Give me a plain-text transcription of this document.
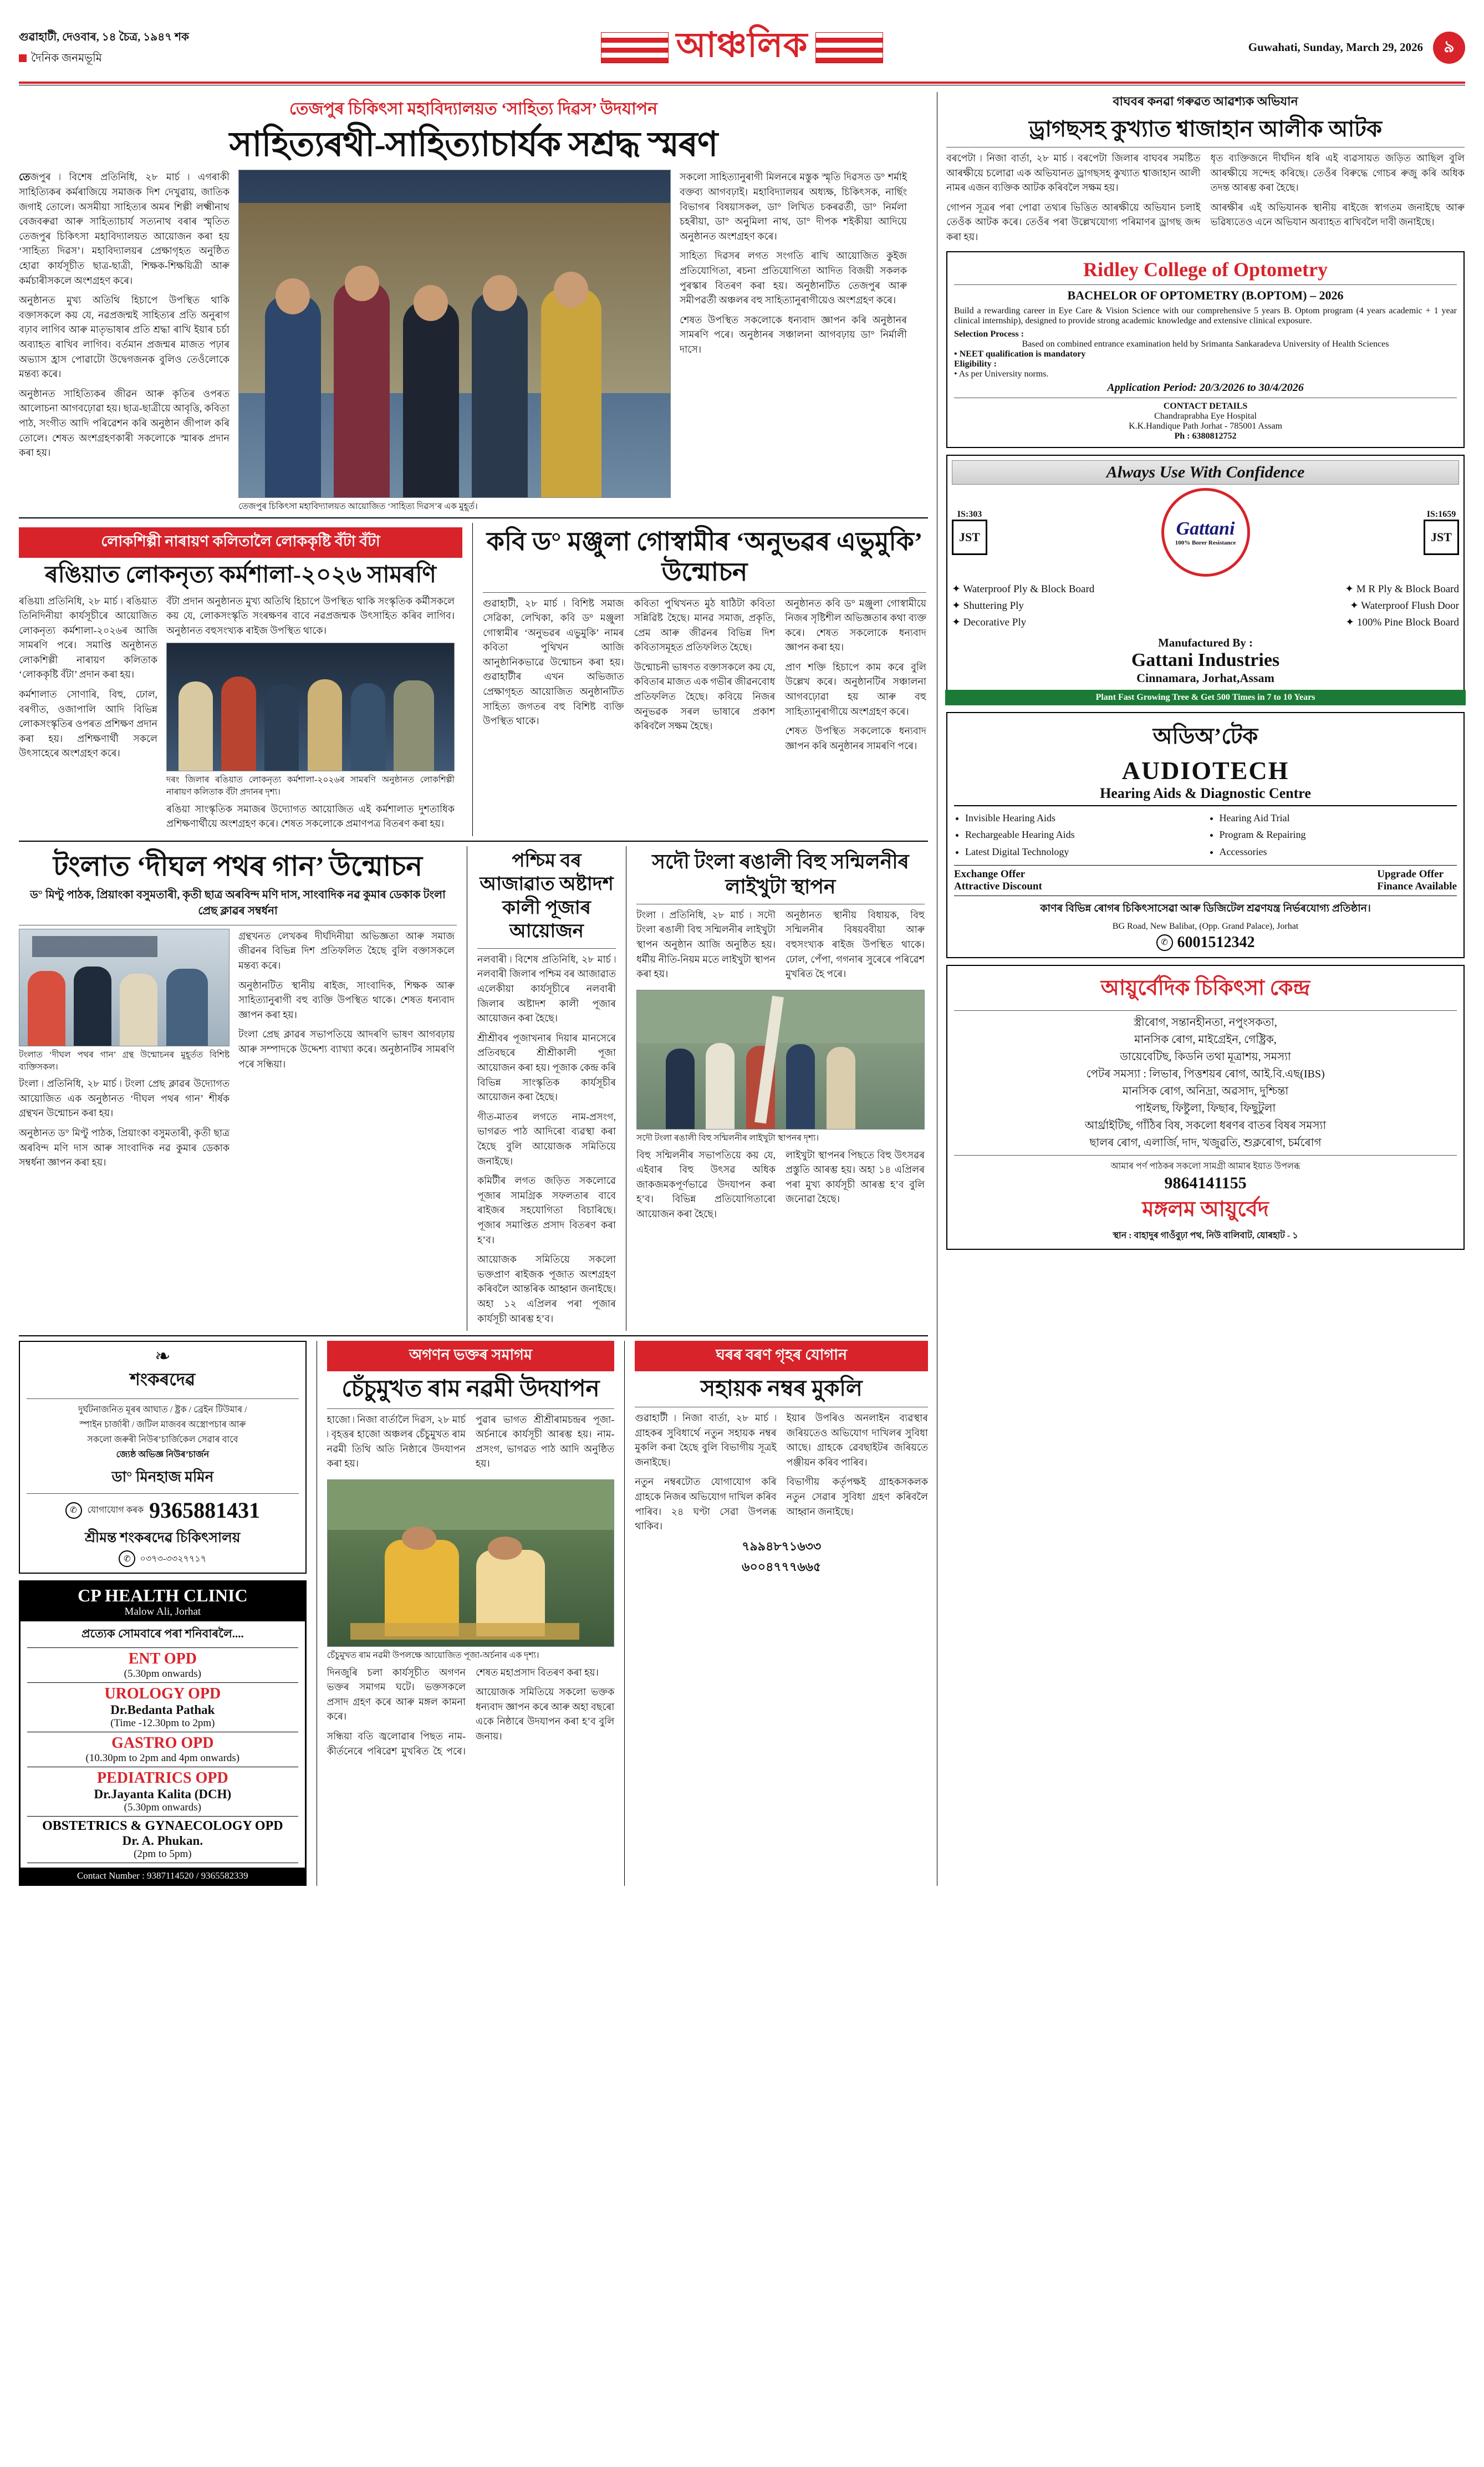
গুৱাহাটী, দেওবাৰ, ১৪ চৈত্ৰ, ১৯৪৭ শক
দৈনিক জনমভূমি	আঞ্চলিক	Guwahati, Sunday, March 29, 2026	৯
তেজপুৰ চিকিৎসা মহাবিদ্যালয়ত ‘সাহিত্য দিৱস’ উদযাপন
সাহিত্যৰথী-সাহিত্যাচার্যক সশ্ৰদ্ধ স্মৰণ

তেজপুৰ ৷ বিশেষ প্ৰতিনিধি, ২৮ মাৰ্চ ৷ এগৰাকী সাহিত্যিকৰ কৰ্মৰাজিয়ে সমাজক দিশ দেখুৱায়, জাতিক জগাই তোলে। অসমীয়া সাহিত্যৰ অমৰ শিল্পী লক্ষ্মীনাথ বেজবৰুৱা আৰু সাহিত্যাচাৰ্য সত্যনাথ বৰাৰ স্মৃতিত তেজপুৰ চিকিৎসা মহাবিদ্যালয়ত আয়োজন কৰা হয় ‘সাহিত্য দিৱস’। মহাবিদ্যালয়ৰ প্ৰেক্ষাগৃহত অনুষ্ঠিত হোৱা কাৰ্যসূচীত ছাত্ৰ-ছাত্ৰী, শিক্ষক-শিক্ষয়িত্ৰী আৰু কৰ্মচাৰীসকলে অংশগ্ৰহণ কৰে।

অনুষ্ঠানত মুখ্য অতিথি হিচাপে উপস্থিত থাকি বক্তাসকলে কয় যে, নৱপ্ৰজন্মই সাহিত্যৰ প্ৰতি অনুৰাগ বঢ়াব লাগিব আৰু মাতৃভাষাৰ প্ৰতি শ্ৰদ্ধা ৰাখি ইয়াৰ চৰ্চা অব্যাহত ৰাখিব লাগিব। বৰ্তমান প্ৰজন্মৰ মাজত পঢ়াৰ অভ্যাস হ্ৰাস পোৱাটো উদ্বেগজনক বুলিও তেওঁলোকে মন্তব্য কৰে।

অনুষ্ঠানত সাহিত্যিকৰ জীৱন আৰু কৃতিৰ ওপৰত আলোচনা আগবঢ়োৱা হয়। ছাত্ৰ-ছাত্ৰীয়ে আবৃত্তি, কবিতা পাঠ, সংগীত আদি পৰিৱেশন কৰি অনুষ্ঠান জীপাল কৰি তোলে। শেষত অংশগ্ৰহণকাৰী সকলোকে স্মাৰক প্ৰদান কৰা হয়।

তেজপুৰ চিকিৎসা মহাবিদ্যালয়ত আয়োজিত ‘সাহিত্য দিৱস’ৰ এক মুহূৰ্ত।

সকলো সাহিত্যানুৰাগী মিলনৰে মস্তুক স্মৃতি দিৱসত ড° শৰ্মাই বক্তব্য আগবঢ়াই। মহাবিদ্যালয়ৰ অধ্যক্ষ, চিকিৎসক, নাৰ্ছিং বিভাগৰ বিষয়াসকল, ডা° লিখিত চকৰৱৰ্তী, ডা° নিৰ্মলা চহৰীয়া, ডা° অনুমিলা নাথ, ডা° দীপক শইকীয়া আদিয়ে অনুষ্ঠানত অংশগ্ৰহণ কৰে।

সাহিত্য দিৱসৰ লগত সংগতি ৰাখি আয়োজিত কুইজ প্ৰতিযোগিতা, ৰচনা প্ৰতিযোগিতা আদিত বিজয়ী সকলক পুৰস্কাৰ বিতৰণ কৰা হয়। অনুষ্ঠানটিত তেজপুৰ আৰু সমীপৱৰ্তী অঞ্চলৰ বহু সাহিত্যানুৰাগীয়েও অংশগ্ৰহণ কৰে।

শেষত উপস্থিত সকলোকে ধন্যবাদ জ্ঞাপন কৰি অনুষ্ঠানৰ সামৰণি পৰে। অনুষ্ঠানৰ সঞ্চালনা আগবঢ়ায় ডা° নিৰ্মালী দাসে।

লোকশিল্পী নাৰায়ণ কলিতালৈ লোককৃষ্টি বঁটা বঁটা
ৰঙিয়াত লোকনৃত্য কৰ্মশালা-২০২৬ সামৰণি

ৰঙিয়া৷ প্ৰতিনিধি, ২৮ মাৰ্চ ৷ ৰঙিয়াত তিনিদিনীয়া কাৰ্যসূচীৰে আয়োজিত লোকনৃত্য কৰ্মশালা-২০২৬ৰ আজি সামৰণি পৰে। সমাপ্তি অনুষ্ঠানত লোকশিল্পী নাৰায়ণ কলিতাক ‘লোককৃষ্টি বঁটা’ প্ৰদান কৰা হয়।

কৰ্মশালাত সোণাৰি, বিহু, ঢোল, বৰগীত, ওজাপালি আদি বিভিন্ন লোকসংস্কৃতিৰ ওপৰত প্ৰশিক্ষণ প্ৰদান কৰা হয়। প্ৰশিক্ষণাৰ্থী সকলে উৎসাহেৰে অংশগ্ৰহণ কৰে।

বঁটা প্ৰদান অনুষ্ঠানত মুখ্য অতিথি হিচাপে উপস্থিত থাকি সংস্কৃতিক কৰ্মীসকলে কয় যে, লোকসংস্কৃতি সংৰক্ষণৰ বাবে নৱপ্ৰজন্মক উৎসাহিত কৰিব লাগিব। অনুষ্ঠানত বহুসংখ্যক ৰাইজ উপস্থিত থাকে।

দৰং জিলাৰ ৰঙিয়াত লোকনৃত্য কৰ্মশালা-২০২৬ৰ সামৰণি অনুষ্ঠানত লোকশিল্পী নাৰায়ণ কলিতাক বঁটা প্ৰদানৰ দৃশ্য।

ৰঙিয়া সাংস্কৃতিক সমাজৰ উদ্যোগত আয়োজিত এই কৰ্মশালাত দুশতাধিক প্ৰশিক্ষণাৰ্থীয়ে অংশগ্ৰহণ কৰে। শেষত সকলোকে প্ৰমাণপত্ৰ বিতৰণ কৰা হয়।

কবি ড° মঞ্জুলা গোস্বামীৰ ‘অনুভৱৰ এভুমুকি’ উন্মোচন

গুৱাহাটী, ২৮ মাৰ্চ ৷ বিশিষ্ট সমাজ সেৱিকা, লেখিকা, কবি ড° মঞ্জুলা গোস্বামীৰ ‘অনুভৱৰ এভুমুকি’ নামৰ কবিতা পুথিখন আজি আনুষ্ঠানিকভাৱে উন্মোচন কৰা হয়। গুৱাহাটীৰ এখন অভিজাত প্ৰেক্ষাগৃহত আয়োজিত অনুষ্ঠানটিত সাহিত্য জগতৰ বহু বিশিষ্ট ব্যক্তি উপস্থিত থাকে।

কবিতা পুথিখনত মুঠ ষাঠিটা কবিতা সন্নিৱিষ্ট হৈছে। মানৱ সমাজ, প্ৰকৃতি, প্ৰেম আৰু জীৱনৰ বিভিন্ন দিশ কবিতাসমূহত প্ৰতিফলিত হৈছে।

উন্মোচনী ভাষণত বক্তাসকলে কয় যে, কবিতাৰ মাজত এক গভীৰ জীৱনবোধ প্ৰতিফলিত হৈছে। কবিয়ে নিজৰ অনুভৱক সৰল ভাষাৰে প্ৰকাশ কৰিবলৈ সক্ষম হৈছে।

অনুষ্ঠানত কবি ড° মঞ্জুলা গোস্বামীয়ে নিজৰ সৃষ্টিশীল অভিজ্ঞতাৰ কথা ব্যক্ত কৰে। শেষত সকলোকে ধন্যবাদ জ্ঞাপন কৰা হয়।

প্ৰাণ শক্তি হিচাপে কাম কৰে বুলি উল্লেখ কৰে। অনুষ্ঠানটিৰ সঞ্চালনা আগবঢ়োৱা হয় আৰু বহু সাহিত্যানুৰাগীয়ে অংশগ্ৰহণ কৰে।

শেষত উপস্থিত সকলোকে ধন্যবাদ জ্ঞাপন কৰি অনুষ্ঠানৰ সামৰণি পৰে।

টংলাত ‘দীঘল পথৰ গান’ উন্মোচন
ড° মিণ্টু পাঠক, প্ৰিয়াংকা বসুমতাৰী, কৃতী ছাত্ৰ অৰবিন্দ মণি দাস, সাংবাদিক নৱ কুমাৰ ডেকাক টংলা প্ৰেছ ক্লাৱৰ সম্বৰ্ধনা
টংলাত ‘দীঘল পথৰ গান’ গ্ৰন্থ উন্মোচনৰ মুহূৰ্তত বিশিষ্ট ব্যক্তিসকল।

টংলা ৷ প্ৰতিনিধি, ২৮ মাৰ্চ ৷ টংলা প্ৰেছ ক্লাৱৰ উদ্যোগত আয়োজিত এক অনুষ্ঠানত ‘দীঘল পথৰ গান’ শীৰ্ষক গ্ৰন্থখন উন্মোচন কৰা হয়।

অনুষ্ঠানত ড° মিণ্টু পাঠক, প্ৰিয়াংকা বসুমতাৰী, কৃতী ছাত্ৰ অৰবিন্দ মণি দাস আৰু সাংবাদিক নৱ কুমাৰ ডেকাক সম্বৰ্ধনা জ্ঞাপন কৰা হয়।

গ্ৰন্থখনত লেখকৰ দীৰ্ঘদিনীয়া অভিজ্ঞতা আৰু সমাজ জীৱনৰ বিভিন্ন দিশ প্ৰতিফলিত হৈছে বুলি বক্তাসকলে মন্তব্য কৰে।

অনুষ্ঠানটিত স্থানীয় ৰাইজ, সাংবাদিক, শিক্ষক আৰু সাহিত্যানুৰাগী বহু ব্যক্তি উপস্থিত থাকে। শেষত ধন্যবাদ জ্ঞাপন কৰা হয়।

টংলা প্ৰেছ ক্লাৱৰ সভাপতিয়ে আদৰণি ভাষণ আগবঢ়ায় আৰু সম্পাদকে উদ্দেশ্য ব্যাখ্যা কৰে। অনুষ্ঠানটিৰ সামৰণি পৰে সন্ধিয়া।

পশ্চিম বৰ আজাৱাত অষ্টাদশ কালী পূজাৰ আয়োজন

নলবাৰী ৷ বিশেষ প্ৰতিনিধি, ২৮ মাৰ্চ ৷ নলবাৰী জিলাৰ পশ্চিম বৰ আজাৱাত এলেকীয়া কাৰ্যসূচীৰে নলবাৰী জিলাৰ অষ্টাদশ কালী পূজাৰ আয়োজন কৰা হৈছে।

শ্ৰীশ্ৰীবৰ পূজাখনাৰ দিয়াৰ মানসেৰে প্ৰতিবছৰে শ্ৰীশ্ৰীকালী পূজা আয়োজন কৰা হয়। পূজাক কেন্দ্ৰ কৰি বিভিন্ন সাংস্কৃতিক কাৰ্যসূচীৰ আয়োজন কৰা হৈছে।

গীত-মাতৰ লগতে নাম-প্ৰসংগ, ভাগৱত পাঠ আদিৰো ব্যৱস্থা কৰা হৈছে বুলি আয়োজক সমিতিয়ে জনাইছে।

কমিটীৰ লগত জড়িত সকলোৱে পূজাৰ সামগ্ৰিক সফলতাৰ বাবে ৰাইজৰ সহযোগিতা বিচাৰিছে। পূজাৰ সমাপ্তিত প্ৰসাদ বিতৰণ কৰা হ’ব।

আয়োজক সমিতিয়ে সকলো ভক্তপ্ৰাণ ৰাইজক পূজাত অংশগ্ৰহণ কৰিবলৈ আন্তৰিক আহ্বান জনাইছে। অহা ১২ এপ্ৰিলৰ পৰা পূজাৰ কাৰ্যসূচী আৰম্ভ হ’ব।

সদৌ টংলা ৰঙালী বিহু সন্মিলনীৰ লাইখুটা স্থাপন

টংলা ৷ প্ৰতিনিধি, ২৮ মাৰ্চ ৷ সদৌ টংলা ৰঙালী বিহু সন্মিলনীৰ লাইখুটা স্থাপন অনুষ্ঠান আজি অনুষ্ঠিত হয়। ধৰ্মীয় নীতি-নিয়ম মতে লাইখুটা স্থাপন কৰা হয়।

অনুষ্ঠানত স্থানীয় বিধায়ক, বিহু সন্মিলনীৰ বিষয়ববীয়া আৰু বহুসংখ্যক ৰাইজ উপস্থিত থাকে। ঢোল, পেঁপা, গগনাৰ সুৰেৰে পৰিৱেশ মুখৰিত হৈ পৰে।

সদৌ টংলা ৰঙালী বিহু সন্মিলনীৰ লাইখুটা স্থাপনৰ দৃশ্য।

বিহু সন্মিলনীৰ সভাপতিয়ে কয় যে, এইবাৰ বিহু উৎসৱ অধিক জাকজমকপূৰ্ণভাৱে উদযাপন কৰা হ’ব। বিভিন্ন প্ৰতিযোগিতাৰো আয়োজন কৰা হৈছে।

লাইখুটা স্থাপনৰ পিছতে বিহু উৎসৱৰ প্ৰস্তুতি আৰম্ভ হয়। অহা ১৪ এপ্ৰিলৰ পৰা মুখ্য কাৰ্যসূচী আৰম্ভ হ’ব বুলি জনোৱা হৈছে।

❧
শংকৰদেৱ
দুৰ্ঘটনাজনিত মূৰৰ আঘাত / ষ্ট্ৰক / ব্ৰেইন টিউমাৰ /
স্পাইন চাৰ্জাৰী / জটিল মাজবৰ অস্ত্ৰোপচাৰ আৰু
সকলো জৰুৰী নিউৰ’চাৰ্জিকেল সেৱাৰ বাবে
জ্যেষ্ঠ অভিজ্ঞ নিউৰ’চাৰ্জন
ডা° মিনহাজ মমিন
✆	যোগাযোগ কৰক 9365881431
শ্ৰীমন্ত শংকৰদেৱ চিকিৎসালয়
✆	০৩৭৩-৩৩২৭৭১৭
CP HEALTH CLINIC
Malow Ali, Jorhat
প্ৰত্যেক সোমবাৰে পৰা শনিবাৰলৈ....
ENT OPD
(5.30pm onwards)
UROLOGY OPD
Dr.Bedanta Pathak
(Time -12.30pm to 2pm)
GASTRO OPD
(10.30pm to 2pm and 4pm onwards)
PEDIATRICS OPD
Dr.Jayanta Kalita (DCH)
(5.30pm onwards)
OBSTETRICS & GYNAECOLOGY OPD
Dr. A. Phukan.
(2pm to 5pm)
Contact Number : 9387114520 / 9365582339
অগণন ভক্তৰ সমাগম
চেঁচুমুখত ৰাম নৱমী উদযাপন

হাজো ৷ নিজা বাৰ্তালৈ দিৱস, ২৮ মাৰ্চ ৷ বৃহত্তৰ হাজো অঞ্চলৰ চেঁচুমুখত ৰাম নৱমী তিথি অতি নিষ্ঠাৰে উদযাপন কৰা হয়।

পুৱাৰ ভাগত শ্ৰীশ্ৰীৰামচন্দ্ৰৰ পূজা-অৰ্চনাৰে কাৰ্যসূচী আৰম্ভ হয়। নাম-প্ৰসংগ, ভাগৱত পাঠ আদি অনুষ্ঠিত হয়।

চেঁচুমুখত ৰাম নৱমী উপলক্ষে আয়োজিত পূজা-অৰ্চনাৰ এক দৃশ্য।

দিনজুৰি চলা কাৰ্যসূচীত অগণন ভক্তৰ সমাগম ঘটে। ভক্তসকলে প্ৰসাদ গ্ৰহণ কৰে আৰু মঙ্গল কামনা কৰে।

সন্ধিয়া বতি জ্বলোৱাৰ পিছত নাম-কীৰ্তনেৰে পৰিৱেশ মুখৰিত হৈ পৰে। শেষত মহাপ্ৰসাদ বিতৰণ কৰা হয়।

আয়োজক সমিতিয়ে সকলো ভক্তক ধন্যবাদ জ্ঞাপন কৰে আৰু অহা বছৰো একে নিষ্ঠাৰে উদযাপন কৰা হ’ব বুলি জনায়।

ঘৰৰ বৰণ গৃহৰ যোগান
সহায়ক নম্বৰ মুকলি

গুৱাহাটী ৷ নিজা বাৰ্তা, ২৮ মাৰ্চ ৷ গ্ৰাহকৰ সুবিধাৰ্থে নতুন সহায়ক নম্বৰ মুকলি কৰা হৈছে বুলি বিভাগীয় সূত্ৰই জনাইছে।

নতুন নম্বৰটোত যোগাযোগ কৰি গ্ৰাহকে নিজৰ অভিযোগ দাখিল কৰিব পাৰিব। ২৪ ঘণ্টা সেৱা উপলব্ধ থাকিব।

ইয়াৰ উপৰিও অনলাইন ব্যৱস্থাৰ জৰিয়তেও অভিযোগ দাখিলৰ সুবিধা আছে। গ্ৰাহকে ৱেবছাইটৰ জৰিয়তে পঞ্জীয়ন কৰিব পাৰিব।

বিভাগীয় কৰ্তৃপক্ষই গ্ৰাহকসকলক নতুন সেৱাৰ সুবিধা গ্ৰহণ কৰিবলৈ আহ্বান জনাইছে।

৭৯৯৪৮৭১৬৩৩
৬০০৪৭৭৭৬৬৫
বাঘবৰ কনৱা গৰুৱত আৱশ্যক অভিযান
ড্ৰাগছসহ কুখ্যাত শ্বাজাহান আলীক আটক

বৰপেটা ৷ নিজা বাৰ্তা, ২৮ মাৰ্চ ৷ বৰপেটা জিলাৰ বাঘবৰ সমষ্টিত আৰক্ষীয়ে চলোৱা এক অভিযানত ড্ৰাগছসহ কুখ্যাত শ্বাজাহান আলী নামৰ এজন ব্যক্তিক আটক কৰিবলৈ সক্ষম হয়।

গোপন সূত্ৰৰ পৰা পোৱা তথ্যৰ ভিত্তিত আৰক্ষীয়ে অভিযান চলাই তেওঁক আটক কৰে। তেওঁৰ পৰা উল্লেখযোগ্য পৰিমাণৰ ড্ৰাগছ জব্দ কৰা হয়।

ধৃত ব্যক্তিজনে দীৰ্ঘদিন ধৰি এই ব্যৱসায়ত জড়িত আছিল বুলি আৰক্ষীয়ে সন্দেহ কৰিছে। তেওঁৰ বিৰুদ্ধে গোচৰ ৰুজু কৰি অধিক তদন্ত আৰম্ভ কৰা হৈছে।

আৰক্ষীৰ এই অভিযানক স্থানীয় ৰাইজে স্বাগতম জনাইছে আৰু ভৱিষ্যতেও এনে অভিযান অব্যাহত ৰাখিবলৈ দাবী জনাইছে।

Ridley College of Optometry
BACHELOR OF OPTOMETRY (B.OPTOM) – 2026
Build a rewarding career in Eye Care & Vision Science with our comprehensive 5 years B. Optom program (4 years academic + 1 year clinical internship), designed to provide strong academic knowledge and extensive clinical exposure.
Selection Process :
Based on combined entrance examination held by Srimanta Sankaradeva University of Health Sciences
• NEET qualification is mandatory
Eligibility :
• As per University norms.
Application Period: 20/3/2026 to 30/4/2026
CONTACT DETAILS
Chandraprabha Eye Hospital
K.K.Handique Path Jorhat - 785001 Assam
Ph : 6380812752
Always Use With Confidence
IS:303
JST	Gattani
100% Borer Resistance
IS:1659
JST
✦ Waterproof Ply & Block Board	✦ M R Ply & Block Board
✦ Shuttering Ply	✦ Waterproof Flush Door
✦ Decorative Ply	✦ 100% Pine Block Board
Manufactured By :
Gattani Industries
Cinnamara, Jorhat,Assam
Plant Fast Growing Tree & Get 500 Times in 7 to 10 Years
অডিঅ’টেক
AUDIOTECH
Hearing Aids & Diagnostic Centre
• Invisible Hearing Aids
• Rechargeable Hearing Aids
• Latest Digital Technology
• Hearing Aid Trial
• Program & Repairing
• Accessories
Exchange Offer
Attractive Discount
Upgrade Offer
Finance Available
কাণৰ বিভিন্ন ৰোগৰ চিকিৎসাসেৱা আৰু ডিজিটেল শ্ৰৱণযন্ত্ৰ নিৰ্ভৰযোগ্য প্ৰতিষ্ঠান।
BG Road, New Balibat, (Opp. Grand Palace), Jorhat
✆ 6001512342
আয়ুৰ্বেদিক চিকিৎসা কেন্দ্ৰ
স্ত্ৰীৰোগ, সন্তানহীনতা, নপুংসকতা,
মানসিক ৰোগ, মাইগ্ৰেইন, গেষ্ট্ৰিক,
ডায়েবেটিছ, কিডনি তথা মূত্ৰাশয়, সমস্যা
পেটৰ সমস্যা : লিভাৰ, পিত্তশয়ৰ ৰোগ, আই.বি.এছ(IBS)
মানসিক ৰোগ, অনিদ্ৰা, অৱসাদ, দুশ্চিন্তা
পাইলছ, ফিষ্টুলা, ফিছাৰ, ফিছুটুলা
আৰ্থ্ৰাইটিছ, গাঁঠিৰ বিষ, সকলো ধৰণৰ বাতৰ বিষৰ সমস্যা
ছালৰ ৰোগ, এলাৰ্জি, দাদ, খজুৱতি, শুক্লৰোগ, চৰ্মৰোগ
আমাৰ পৰ্ণ পাঠকৰ সকলো সামগ্ৰী আমাৰ ইয়াত উপলব্ধ
9864141155
মঙ্গলম আয়ুৰ্বেদ
স্থান : বাহাদুৰ গাওঁবুঢ়া পথ, নিউ বালিবাট, যোৰহাট - ১
